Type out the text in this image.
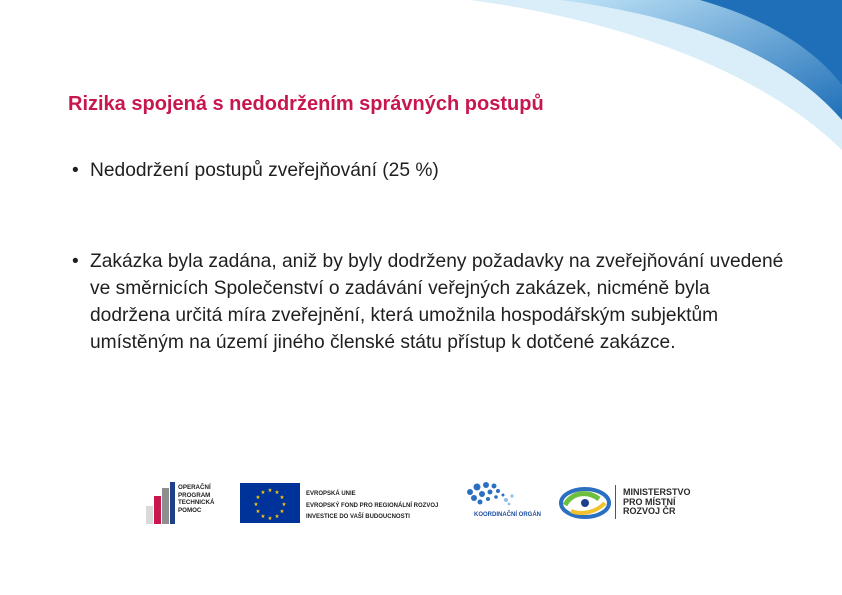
Rizika spojená s nedodržením správných postupů

• Nedodržení postupů zveřejňování (25 %)

• Zakázka byla zadána, aniž by byly dodrženy požadavky na zveřejňování uvedené ve směrnicích Společenství o zadávání veřejných zakázek, nicméně byla dodržena určitá míra zveřejnění, která umožnila hospodářským subjektům umístěným na území jiného členské státu přístup k dotčené zakázce.

OPERAČNÍ
PROGRAM
TECHNICKÁ
POMOC
★ ★
★
★
★
★
★
★
★
★
★
★	EVROPSKÁ UNIE
EVROPSKÝ FOND PRO REGIONÁLNÍ ROZVOJ
INVESTICE DO VAŠÍ BUDOUCNOSTI	KOORDINAČNÍ ORGÁN
MINISTERSTVO
PRO MÍSTNÍ
ROZVOJ ČR
